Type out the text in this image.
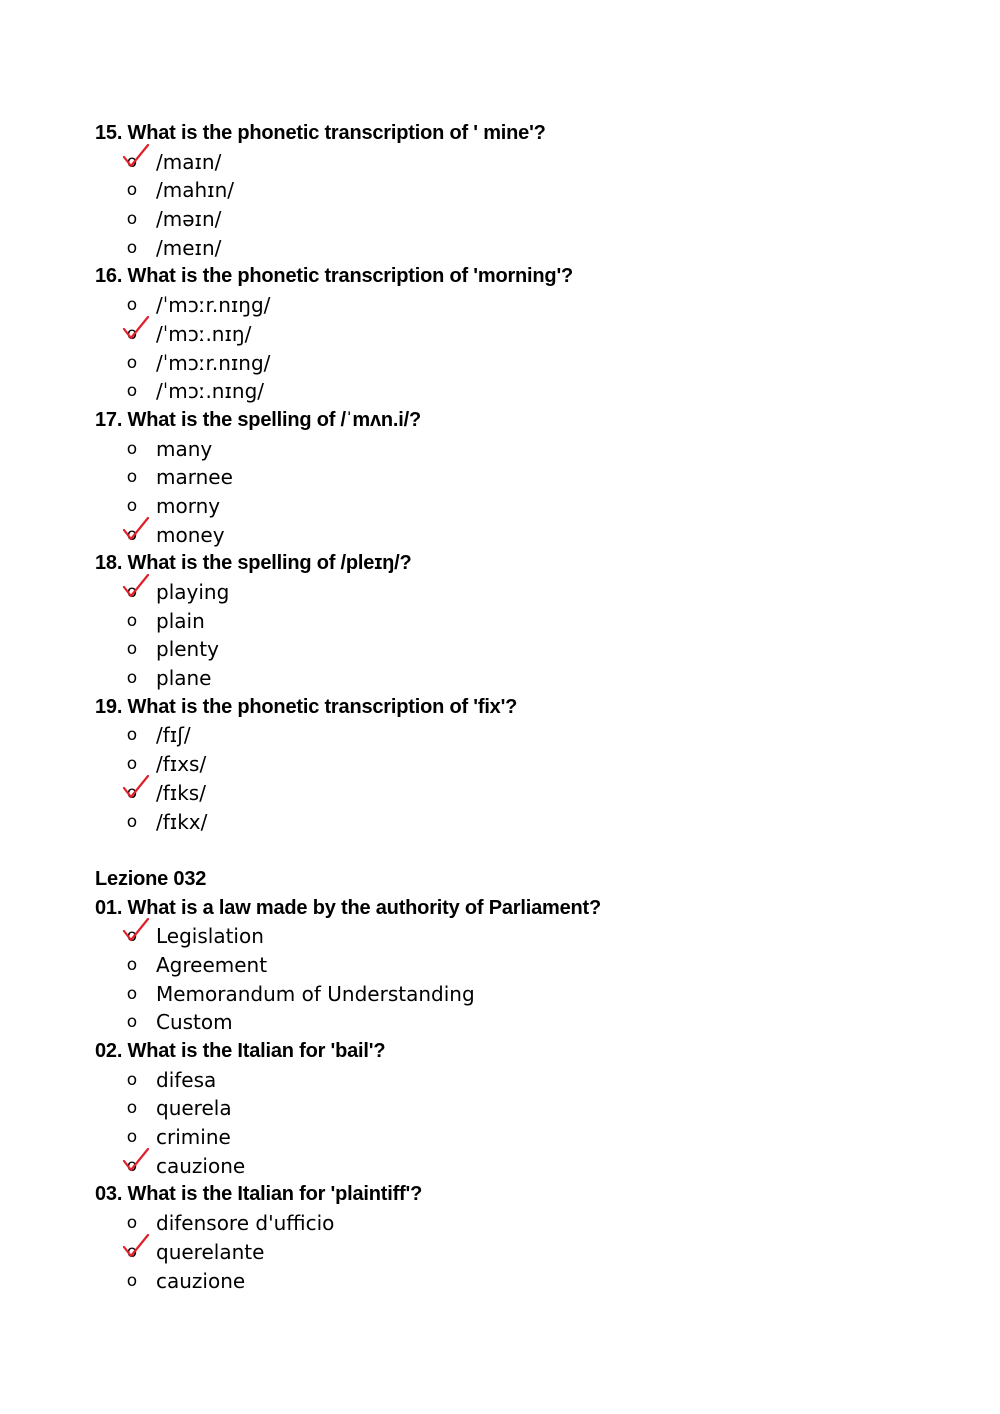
15. What is the phonetic transcription of ' mine'?
o /maɪn/
o /mahɪn/
o /məɪn/
o /meɪn/
16. What is the phonetic transcription of 'morning'?
o /ˈmɔːr.nɪŋg/
o /ˈmɔː.nɪŋ/
o /ˈmɔːr.nɪng/
o /ˈmɔː.nɪng/
17. What is the spelling of /ˈmʌn.i/?
o many
o marnee
o morny
o money
18. What is the spelling of /pleɪŋ/?
o playing
o plain
o plenty
o plane
19. What is the phonetic transcription of 'fix'?
o /fɪʃ/
o /fɪxs/
o /fɪks/
o /fɪkx/
Lezione 032
01. What is a law made by the authority of Parliament?
o Legislation
o Agreement
o Memorandum of Understanding
o Custom
02. What is the Italian for 'bail'?
o difesa
o querela
o crimine
o cauzione
03. What is the Italian for 'plaintiff'?
o difensore d'ufficio
o querelante
o cauzione
